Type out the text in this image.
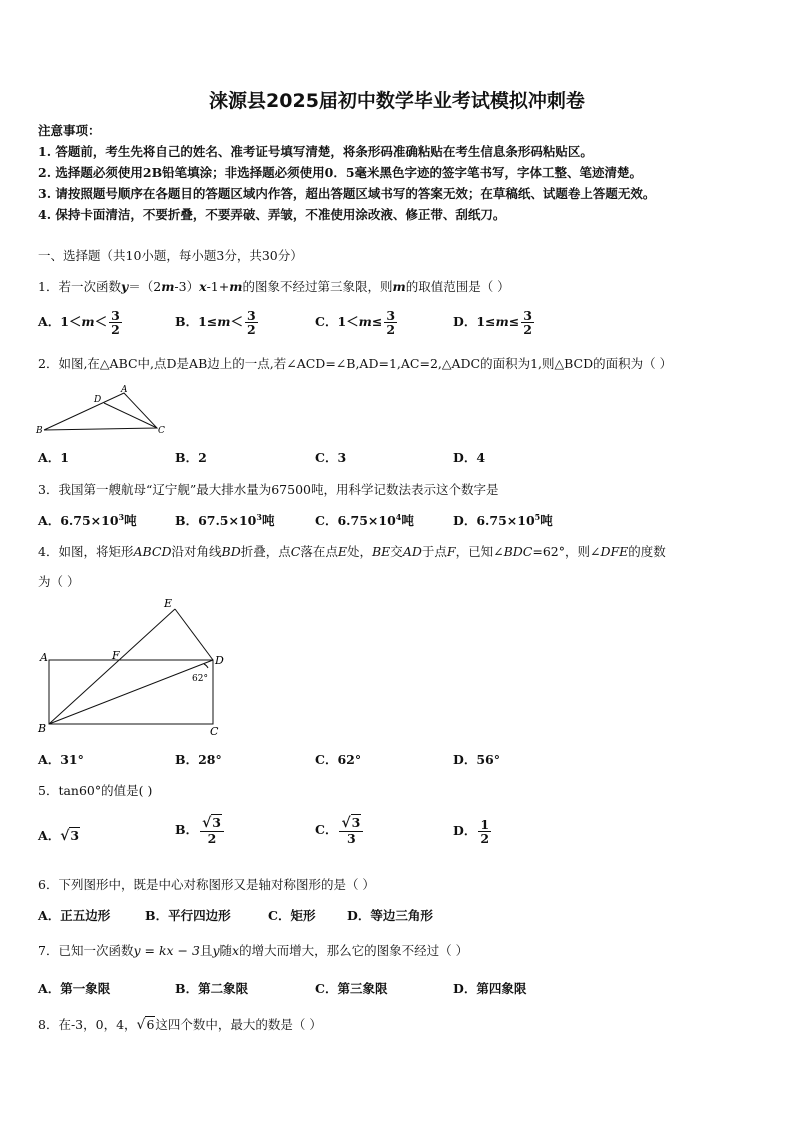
涞源县2025届初中数学毕业考试模拟冲刺卷
注意事项：
1. 答题前，考生先将自己的姓名、准考证号填写清楚，将条形码准确粘贴在考生信息条形码粘贴区。
2. 选择题必须使用2B铅笔填涂；非选择题必须使用0．5毫米黑色字迹的签字笔书写，字体工整、笔迹清楚。
3. 请按照题号顺序在各题目的答题区域内作答，超出答题区域书写的答案无效；在草稿纸、试题卷上答题无效。
4. 保持卡面清洁，不要折叠，不要弄破、弄皱，不准使用涂改液、修正带、刮纸刀。
一、选择题（共10小题，每小题3分，共30分）
1．若一次函数y＝（2m-3）x-1+m的图象不经过第三象限，则m的取值范围是（ ）
A．$1<m< \frac{3}{2}$	B．$1\le m< \frac{3}{2}$	C．$1<m\le \frac{3}{2}$	D．$1\le m\le \frac{3}{2}$
2．如图,在△ABC中,点D是AB边上的一点,若∠ACD=∠B,AD=1,AC=2,△ADC的面积为1,则△BCD的面积为（ ）
A
D
B	C
A．1	B．2	C．3	D．4
3．我国第一艘航母“辽宁舰”最大排水量为67500吨，用科学记数法表示这个数字是
A．$6.75\times 10^3$吨	B．$67.5\times 10^3$吨	C．$6.75\times 10^4$吨	D．$6.75\times 10^5$吨
4．如图，将矩形ABCD沿对角线BD折叠，点C落在点E处，BE交AD于点F，已知∠BDC=62°，则∠DFE的度数
为（ ）
E
A	F	D
62°
B	C
A．31°	B．28°	C．62°	D．56°
5．tan60°的值是( )
A．√3	B． $\frac{√3}{2}$	C． $\frac{√3}{3}$	D． $\frac{1}{2}$
6．下列图形中，既是中心对称图形又是轴对称图形的是（ ）
A．正五边形	B．平行四边形	C．矩形	D．等边三角形
7．已知一次函数y = kx − 3且y随x的增大而增大，那么它的图象不经过（ ）
A．第一象限	B．第二象限	C．第三象限	D．第四象限
8．在-3，0，4，√6这四个数中，最大的数是（ ）
